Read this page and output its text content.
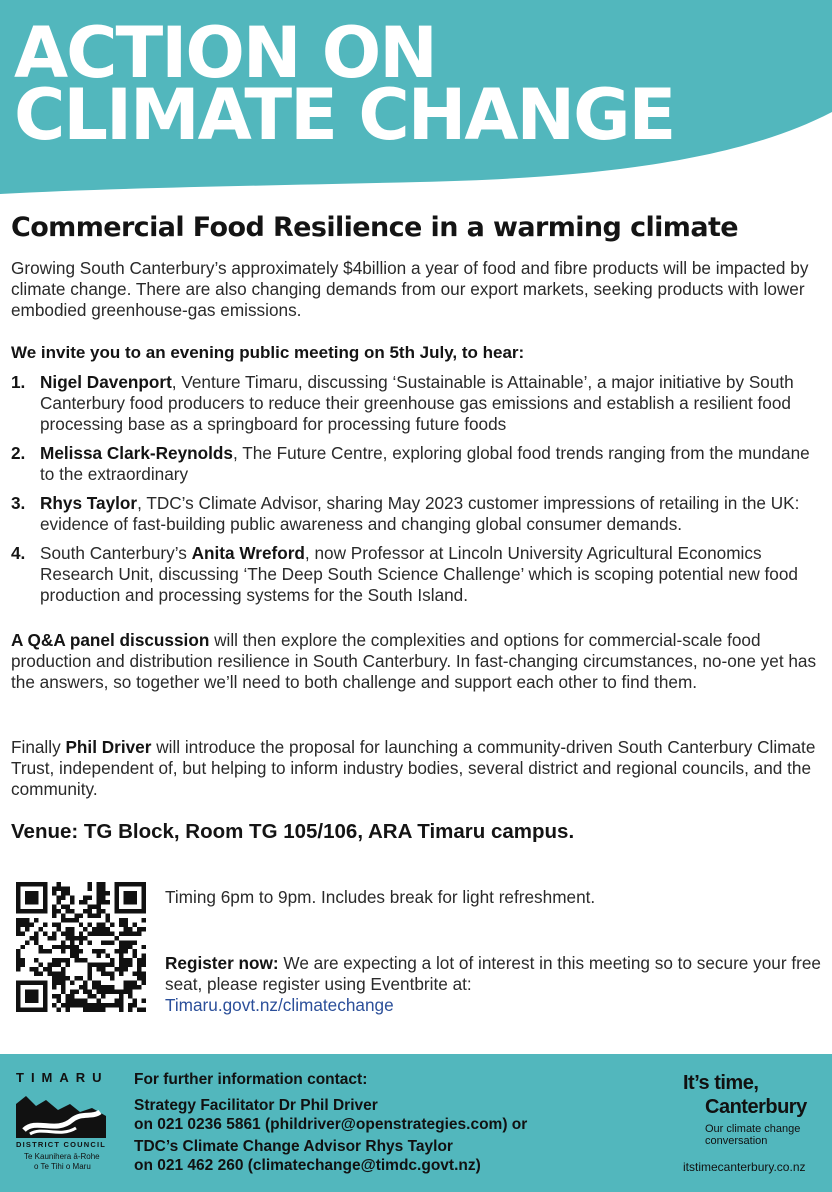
ACTION ON
CLIMATE CHANGE
Commercial Food Resilience in a warming climate

Growing South Canterbury’s approximately $4billion a year of food and fibre products will be impacted by climate change. There are also changing demands from our export markets, seeking products with lower embodied greenhouse-gas emissions.

We invite you to an evening public meeting on 5th July, to hear:
1. Nigel Davenport, Venture Timaru, discussing ‘Sustainable is Attainable’, a major initiative by South Canterbury food producers to reduce their greenhouse gas emissions and establish a resilient food processing base as a springboard for processing future foods
2. Melissa Clark-Reynolds, The Future Centre, exploring global food trends ranging from the mundane to the extraordinary
3. Rhys Taylor, TDC’s Climate Advisor, sharing May 2023 customer impressions of retailing in the UK: evidence of fast-building public awareness and changing global consumer demands.
4. South Canterbury’s Anita Wreford, now Professor at Lincoln University Agricultural Economics Research Unit, discussing ‘The Deep South Science Challenge’ which is scoping potential new food production and processing systems for the South Island.

A Q&A panel discussion will then explore the complexities and options for commercial-scale food production and distribution resilience in South Canterbury. In fast-changing circumstances, no-one yet has the answers, so together we’ll need to both challenge and support each other to find them.

Finally Phil Driver will introduce the proposal for launching a community-driven South Canterbury Climate Trust, independent of, but helping to inform industry bodies, several district and regional councils, and the community.

Venue: TG Block, Room TG 105/106, ARA Timaru campus.
Timing 6pm to 9pm. Includes break for light refreshment.
Register now: We are expecting a lot of interest in this meeting so to secure your free seat, please register using Eventbrite at:
Timaru.govt.nz/climatechange
TIMARU
DISTRICT COUNCIL
Te Kaunihera ā-Rohe
o Te Tihi o Maru
For further information contact:
Strategy Facilitator Dr Phil Driver
on 021 0236 5861 (phildriver@openstrategies.com) or
TDC’s Climate Change Advisor Rhys Taylor
on 021 462 260 (climatechange@timdc.govt.nz)
It’s time,
Canterbury
Our climate change
conversation
itstimecanterbury.co.nz
